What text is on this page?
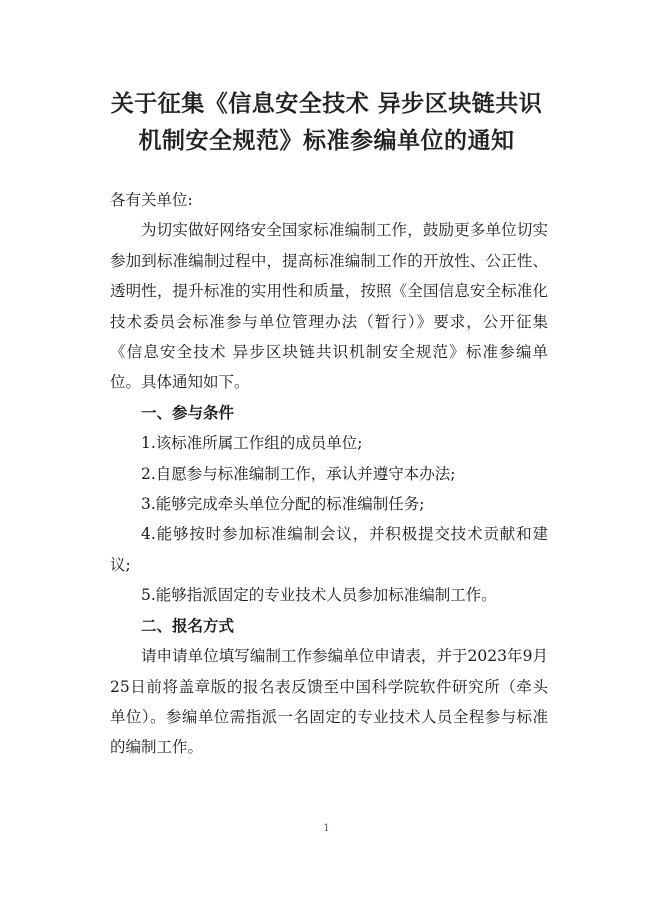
关于征集《信息安全技术 异步区块链共识
机制安全规范》标准参编单位的通知

各有关单位:

为切实做好网络安全国家标准编制工作，鼓励更多单位切实参加到标准编制过程中，提高标准编制工作的开放性、公正性、透明性，提升标准的实用性和质量，按照《全国信息安全标准化技术委员会标准参与单位管理办法（暂行）》要求，公开征集《信息安全技术 异步区块链共识机制安全规范》标准参编单位。具体通知如下。

一、参与条件

1.该标准所属工作组的成员单位;

2.自愿参与标准编制工作，承认并遵守本办法;

3.能够完成牵头单位分配的标准编制任务;

4.能够按时参加标准编制会议，并积极提交技术贡献和建议;

5.能够指派固定的专业技术人员参加标准编制工作。

二、报名方式

请申请单位填写编制工作参编单位申请表，并于2023年9月25日前将盖章版的报名表反馈至中国科学院软件研究所（牵头单位）。参编单位需指派一名固定的专业技术人员全程参与标准的编制工作。

1
